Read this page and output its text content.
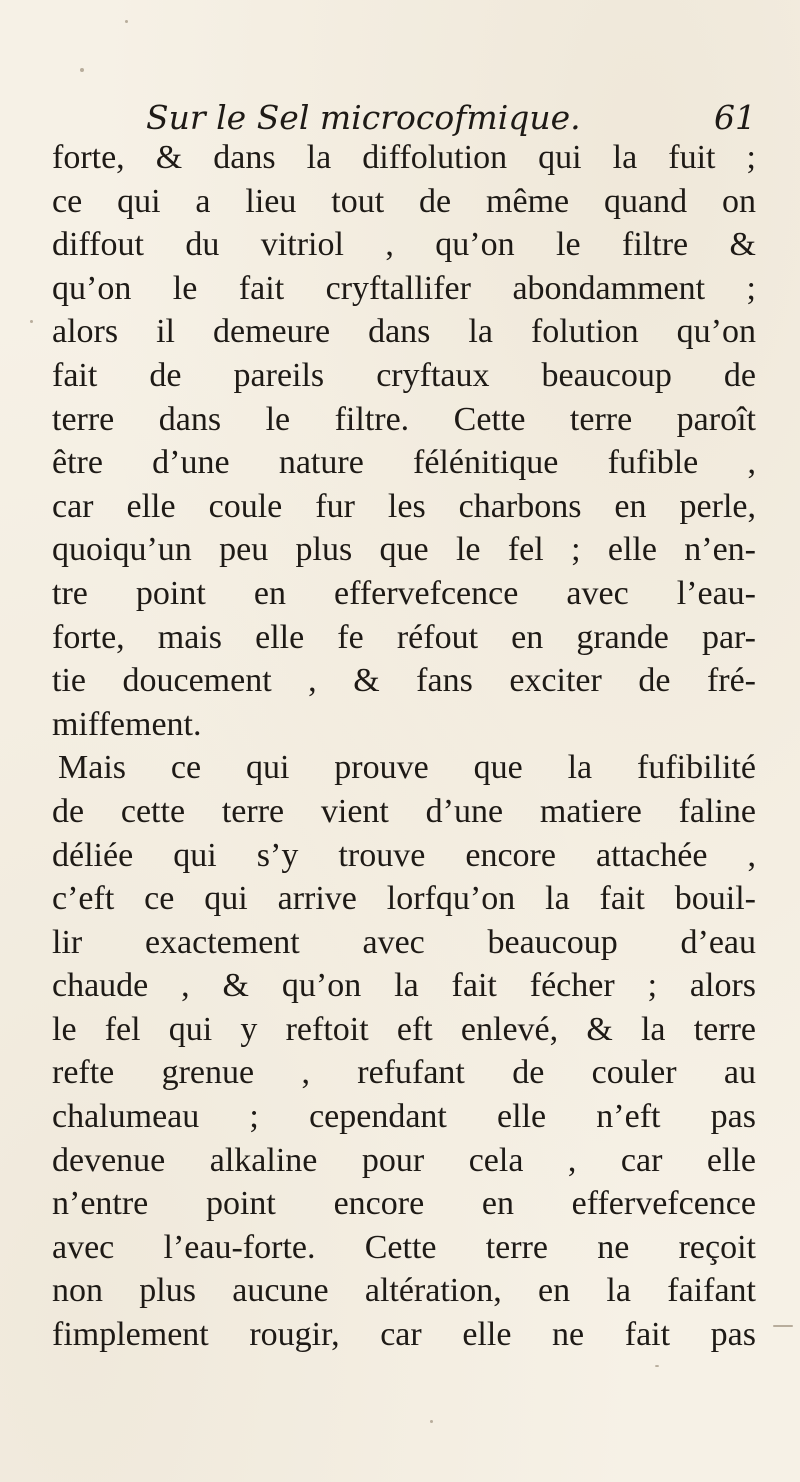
Sur le Sel microcofmique.	61
forte, & dans la diffolution qui la fuit ;
ce qui a lieu tout de même quand on
diffout du vitriol , qu’on le filtre &
qu’on le fait cryftallifer abondamment ;
alors il demeure dans la folution qu’on
fait de pareils cryftaux beaucoup de
terre dans le filtre. Cette terre paroît
être d’une nature félénitique fufible ,
car elle coule fur les charbons en perle,
quoiqu’un peu plus que le fel ; elle n’en-
tre point en effervefcence avec l’eau-
forte, mais elle fe réfout en grande par-
tie doucement , & fans exciter de fré-
miffement.
Mais ce qui prouve que la fufibilité
de cette terre vient d’une matiere faline
déliée qui s’y trouve encore attachée ,
c’eft ce qui arrive lorfqu’on la fait bouil-
lir exactement avec beaucoup d’eau
chaude , & qu’on la fait fécher ; alors
le fel qui y reftoit eft enlevé, & la terre
refte grenue , refufant de couler au
chalumeau ; cependant elle n’eft pas
devenue alkaline pour cela , car elle
n’entre point encore en effervefcence
avec l’eau-forte. Cette terre ne reçoit
non plus aucune altération, en la faifant
fimplement rougir, car elle ne fait pas
